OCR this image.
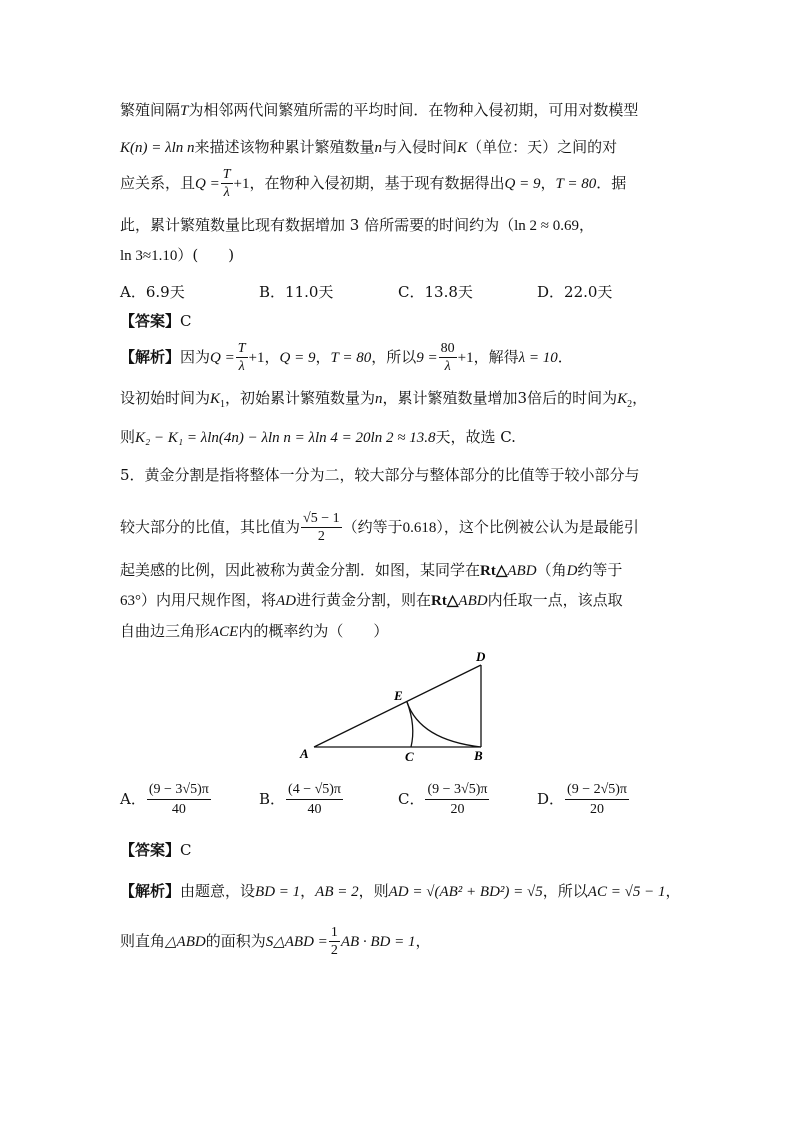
繁殖间隔T为相邻两代间繁殖所需的平均时间．在物种入侵初期，可用对数模型
K(n) = λln n来描述该物种累计繁殖数量n与入侵时间K（单位：天）之间的对
应关系，且$Q = \frac{T}{\lambda} +1$，在物种入侵初期，基于现有数据得出Q = 9，T = 80．据
此，累计繁殖数量比现有数据增加 3 倍所需要的时间约为（ln 2 ≈ 0.69，
ln 3≈1.10）(　　)
A．6.9天	B．11.0天	C．13.8天	D．22.0天
【答案】C
【解析】因为$Q = \frac{T}{\lambda} +1$，Q = 9，T = 80，所以$9 = \frac{80}{\lambda} +1$，解得λ = 10．
设初始时间为$K_1$，初始累计繁殖数量为n，累计繁殖数量增加3倍后的时间为$K_2$，
则K₂ − K₁ = λln(4n) − λln n = λln 4 = 20ln 2 ≈ 13.8天，故选 C.
5．黄金分割是指将整体一分为二，较大部分与整体部分的比值等于较小部分与
较大部分的比值，其比值为 $\frac{√5 - 1}{2}$ （约等于0.618），这个比例被公认为是最能引
起美感的比例，因此被称为黄金分割．如图，某同学在Rt△ABD（角D约等于
63°）内用尺规作图，将AD进行黄金分割，则在Rt△ABD内任取一点，该点取
自曲边三角形ACE内的概率约为（　　）
A	B
C
D
E
A． $\frac{(9 - 3√5)\pi}{40}$	B． $\frac{(4 - √5)\pi}{40}$	C． $\frac{(9 - 3√5)\pi}{20}$	D． $\frac{(9 - 2√5)\pi}{20}$
【答案】C
【解析】由题意，设BD = 1，AB = 2，则AD = √(AB² + BD²) = √5，所以AC = √5 − 1，
则直角△ABD的面积为S△ABD = $\frac{1}{2}$ AB · BD = 1，
